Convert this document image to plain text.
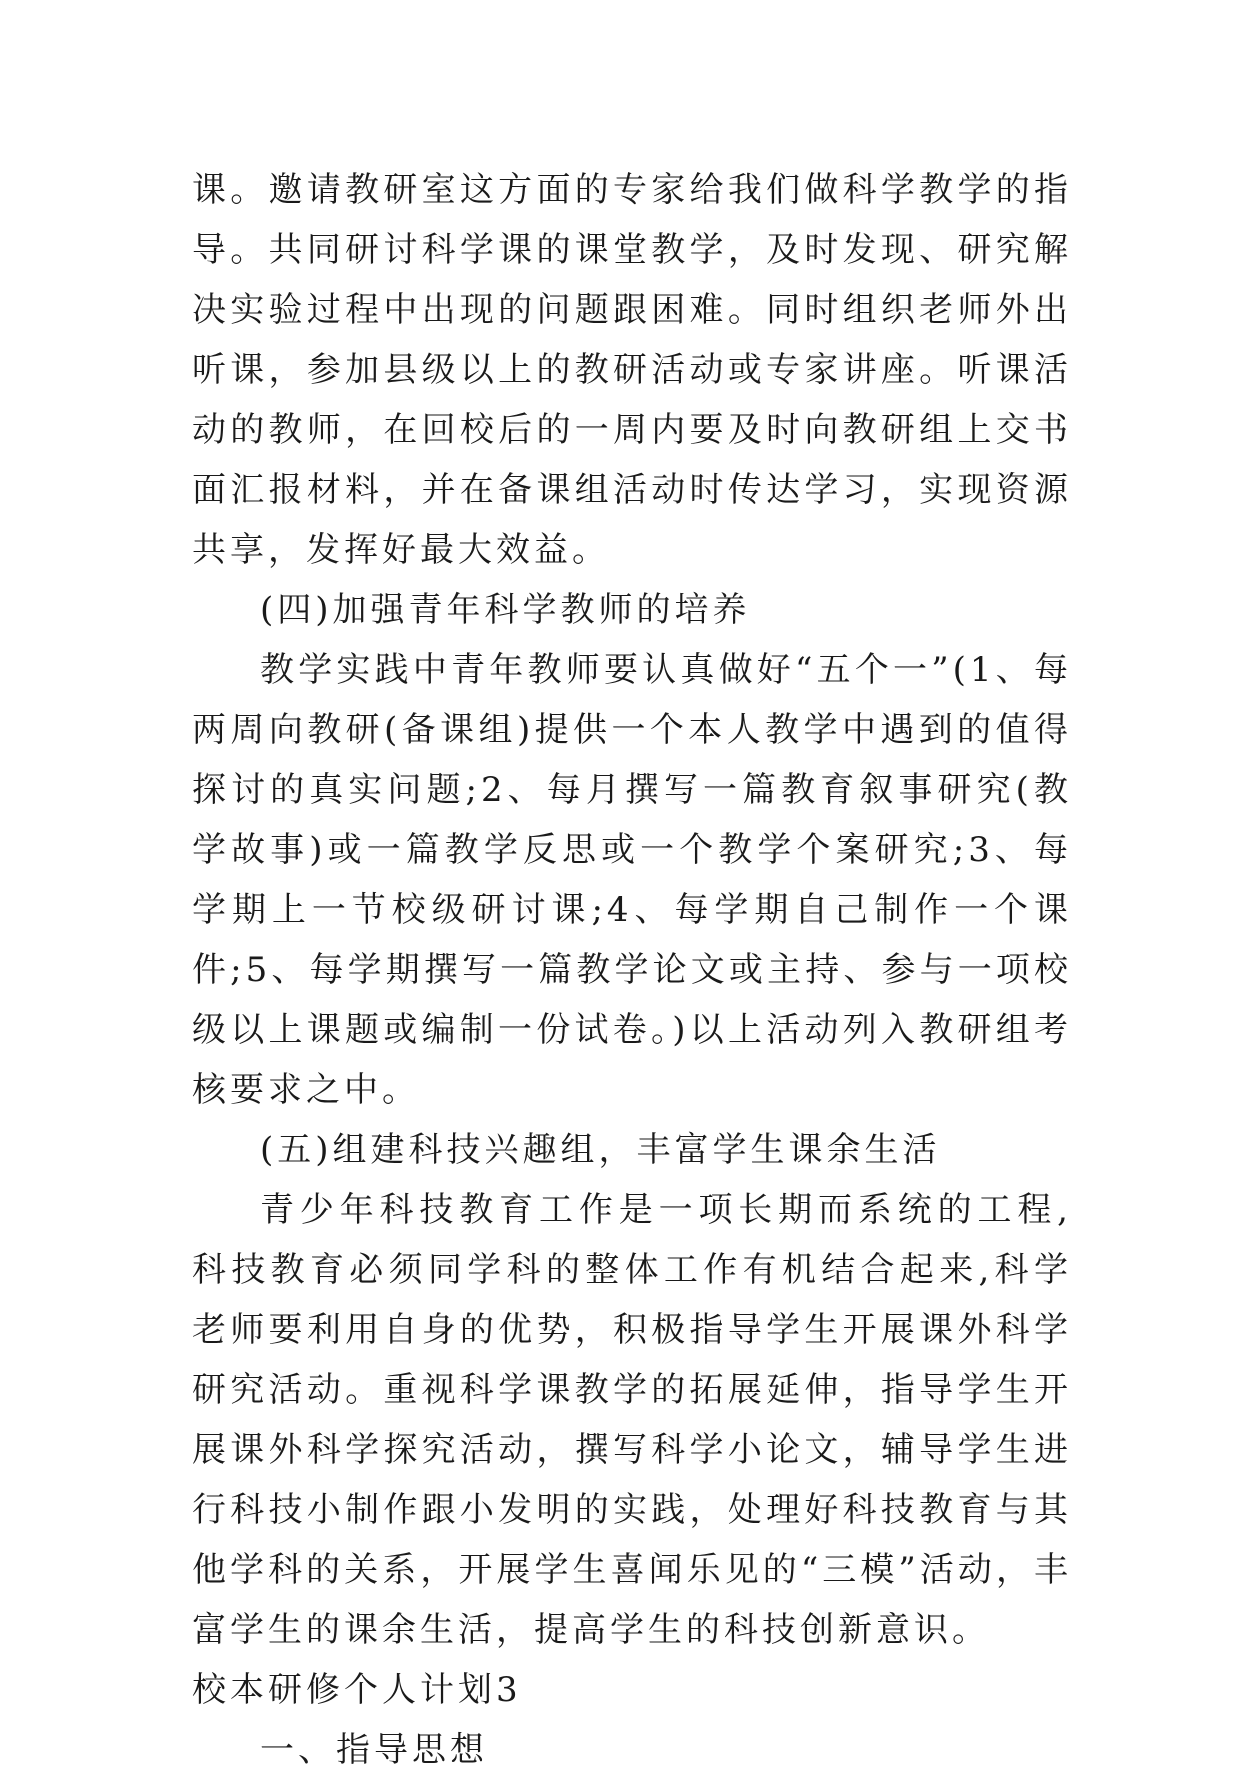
课。邀请教研室这方面的专家给我们做科学教学的指导。共同研讨科学课的课堂教学，及时发现、研究解决实验过程中出现的问题跟困难。同时组织老师外出听课，参加县级以上的教研活动或专家讲座。听课活动的教师，在回校后的一周内要及时向教研组上交书面汇报材料，并在备课组活动时传达学习，实现资源共享，发挥好最大效益。

(四)加强青年科学教师的培养

教学实践中青年教师要认真做好“五个一”(1、每两周向教研(备课组)提供一个本人教学中遇到的值得探讨的真实问题;2、每月撰写一篇教育叙事研究(教学故事)或一篇教学反思或一个教学个案研究;3、每学期上一节校级研讨课;4、每学期自己制作一个课件;5、每学期撰写一篇教学论文或主持、参与一项校级以上课题或编制一份试卷。)以上活动列入教研组考核要求之中。

(五)组建科技兴趣组，丰富学生课余生活

青少年科技教育工作是一项长期而系统的工程,科技教育必须同学科的整体工作有机结合起来,科学老师要利用自身的优势，积极指导学生开展课外科学研究活动。重视科学课教学的拓展延伸，指导学生开展课外科学探究活动，撰写科学小论文，辅导学生进行科技小制作跟小发明的实践，处理好科技教育与其他学科的关系，开展学生喜闻乐见的“三模”活动，丰富学生的课余生活，提高学生的科技创新意识。

校本研修个人计划3

一、指导思想
